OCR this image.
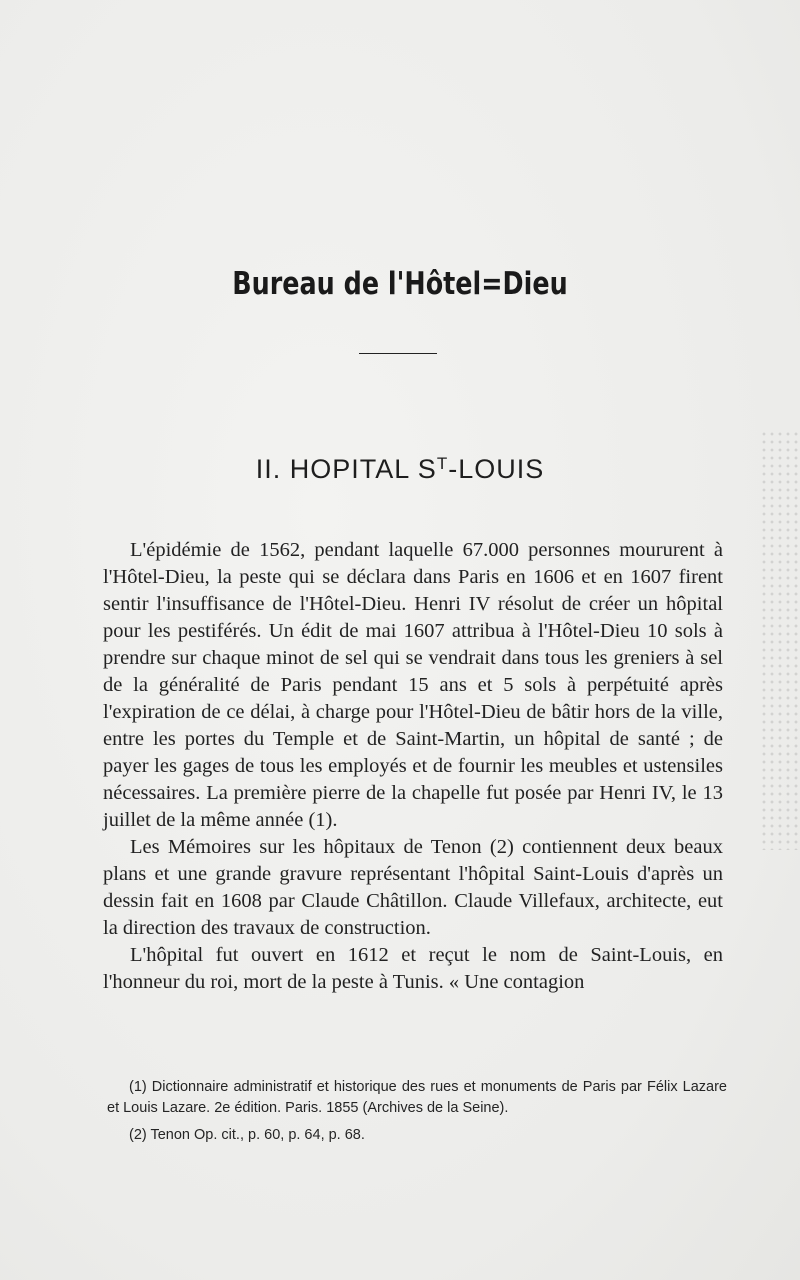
Bureau de l'Hôtel=Dieu
II. HOPITAL $S^T$-LOUIS

L'épidémie de 1562, pendant laquelle 67.000 personnes moururent à l'Hôtel-Dieu, la peste qui se déclara dans Paris en 1606 et en 1607 firent sentir l'insuffisance de l'Hôtel-Dieu. Henri IV résolut de créer un hôpital pour les pestiférés. Un édit de mai 1607 attribua à l'Hôtel-Dieu 10 sols à prendre sur chaque minot de sel qui se vendrait dans tous les greniers à sel de la généralité de Paris pendant 15 ans et 5 sols à perpétuité après l'expiration de ce délai, à charge pour l'Hôtel-Dieu de bâtir hors de la ville, entre les portes du Temple et de Saint-Martin, un hôpital de santé ; de payer les gages de tous les employés et de fournir les meubles et ustensiles nécessaires. La première pierre de la chapelle fut posée par Henri IV, le 13 juillet de la même année (1).

Les Mémoires sur les hôpitaux de Tenon (2) contiennent deux beaux plans et une grande gravure représentant l'hôpital Saint-Louis d'après un dessin fait en 1608 par Claude Châtillon. Claude Villefaux, architecte, eut la direction des travaux de construction.

L'hôpital fut ouvert en 1612 et reçut le nom de Saint-Louis, en l'honneur du roi, mort de la peste à Tunis. « Une contagion

(1) Dictionnaire administratif et historique des rues et monuments de Paris par Félix Lazare et Louis Lazare. 2e édition. Paris. 1855 (Archives de la Seine).

(2) Tenon Op. cit., p. 60, p. 64, p. 68.
